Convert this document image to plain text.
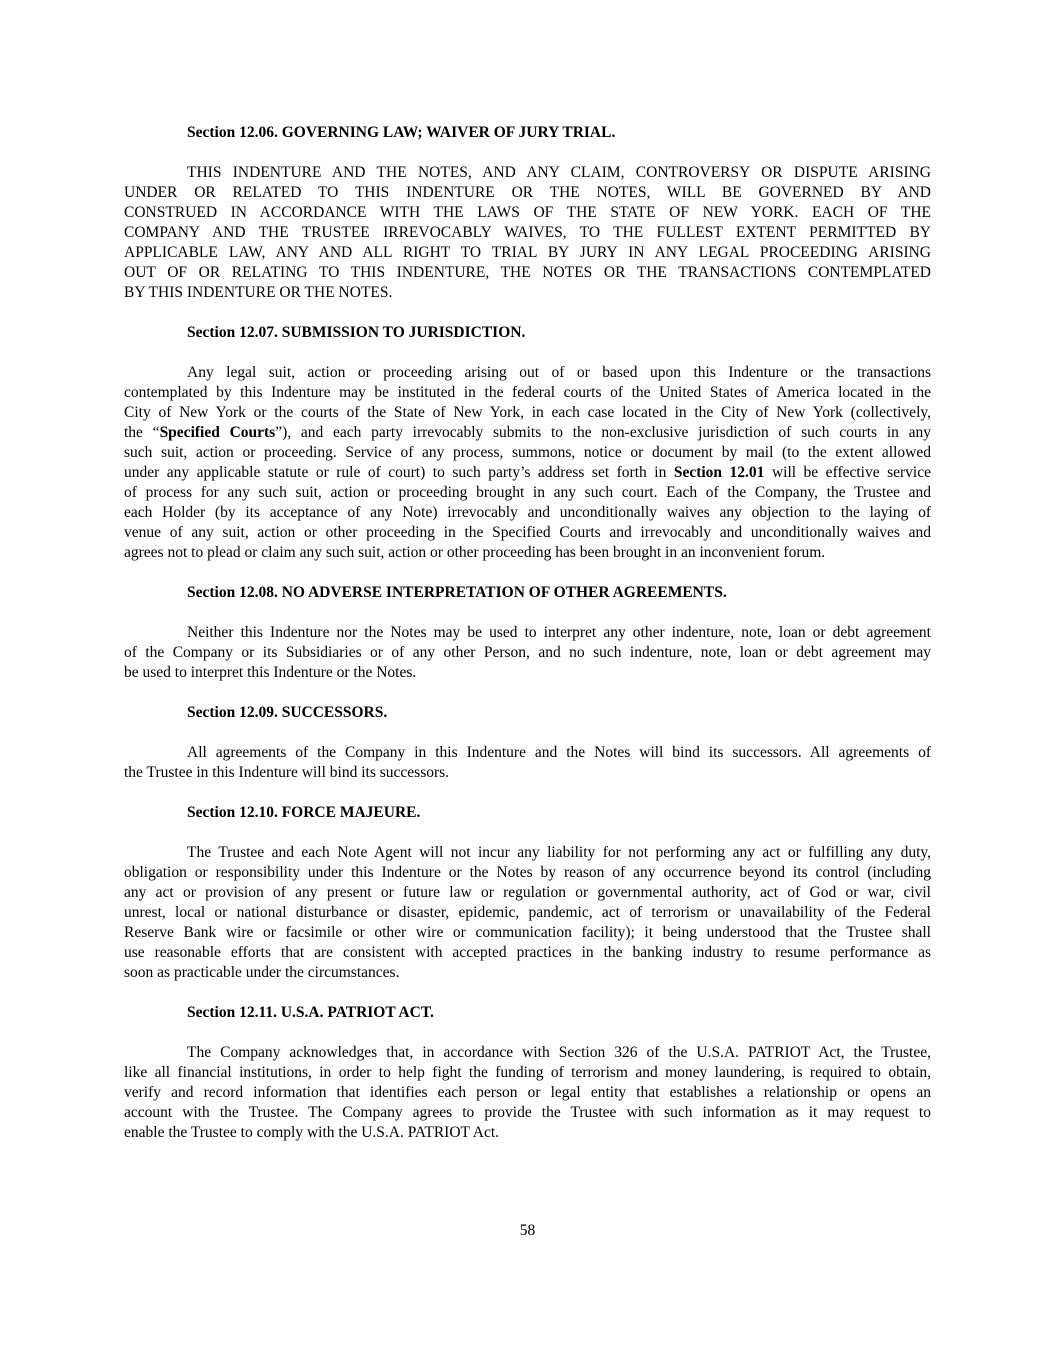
Section 12.06. GOVERNING LAW; WAIVER OF JURY TRIAL.
THIS INDENTURE AND THE NOTES, AND ANY CLAIM, CONTROVERSY OR DISPUTE ARISING
UNDER OR RELATED TO THIS INDENTURE OR THE NOTES, WILL BE GOVERNED BY AND
CONSTRUED IN ACCORDANCE WITH THE LAWS OF THE STATE OF NEW YORK. EACH OF THE
COMPANY AND THE TRUSTEE IRREVOCABLY WAIVES, TO THE FULLEST EXTENT PERMITTED BY
APPLICABLE LAW, ANY AND ALL RIGHT TO TRIAL BY JURY IN ANY LEGAL PROCEEDING ARISING
OUT OF OR RELATING TO THIS INDENTURE, THE NOTES OR THE TRANSACTIONS CONTEMPLATED
BY THIS INDENTURE OR THE NOTES.
Section 12.07. SUBMISSION TO JURISDICTION.
Any legal suit, action or proceeding arising out of or based upon this Indenture or the transactions
contemplated by this Indenture may be instituted in the federal courts of the United States of America located in the
City of New York or the courts of the State of New York, in each case located in the City of New York (collectively,
the “Specified Courts”), and each party irrevocably submits to the non-exclusive jurisdiction of such courts in any
such suit, action or proceeding. Service of any process, summons, notice or document by mail (to the extent allowed
under any applicable statute or rule of court) to such party’s address set forth in Section 12.01 will be effective service
of process for any such suit, action or proceeding brought in any such court. Each of the Company, the Trustee and
each Holder (by its acceptance of any Note) irrevocably and unconditionally waives any objection to the laying of
venue of any suit, action or other proceeding in the Specified Courts and irrevocably and unconditionally waives and
agrees not to plead or claim any such suit, action or other proceeding has been brought in an inconvenient forum.
Section 12.08. NO ADVERSE INTERPRETATION OF OTHER AGREEMENTS.
Neither this Indenture nor the Notes may be used to interpret any other indenture, note, loan or debt agreement
of the Company or its Subsidiaries or of any other Person, and no such indenture, note, loan or debt agreement may
be used to interpret this Indenture or the Notes.
Section 12.09. SUCCESSORS.
All agreements of the Company in this Indenture and the Notes will bind its successors. All agreements of
the Trustee in this Indenture will bind its successors.
Section 12.10. FORCE MAJEURE.
The Trustee and each Note Agent will not incur any liability for not performing any act or fulfilling any duty,
obligation or responsibility under this Indenture or the Notes by reason of any occurrence beyond its control (including
any act or provision of any present or future law or regulation or governmental authority, act of God or war, civil
unrest, local or national disturbance or disaster, epidemic, pandemic, act of terrorism or unavailability of the Federal
Reserve Bank wire or facsimile or other wire or communication facility); it being understood that the Trustee shall
use reasonable efforts that are consistent with accepted practices in the banking industry to resume performance as
soon as practicable under the circumstances.
Section 12.11. U.S.A. PATRIOT ACT.
The Company acknowledges that, in accordance with Section 326 of the U.S.A. PATRIOT Act, the Trustee,
like all financial institutions, in order to help fight the funding of terrorism and money laundering, is required to obtain,
verify and record information that identifies each person or legal entity that establishes a relationship or opens an
account with the Trustee. The Company agrees to provide the Trustee with such information as it may request to
enable the Trustee to comply with the U.S.A. PATRIOT Act.
58
